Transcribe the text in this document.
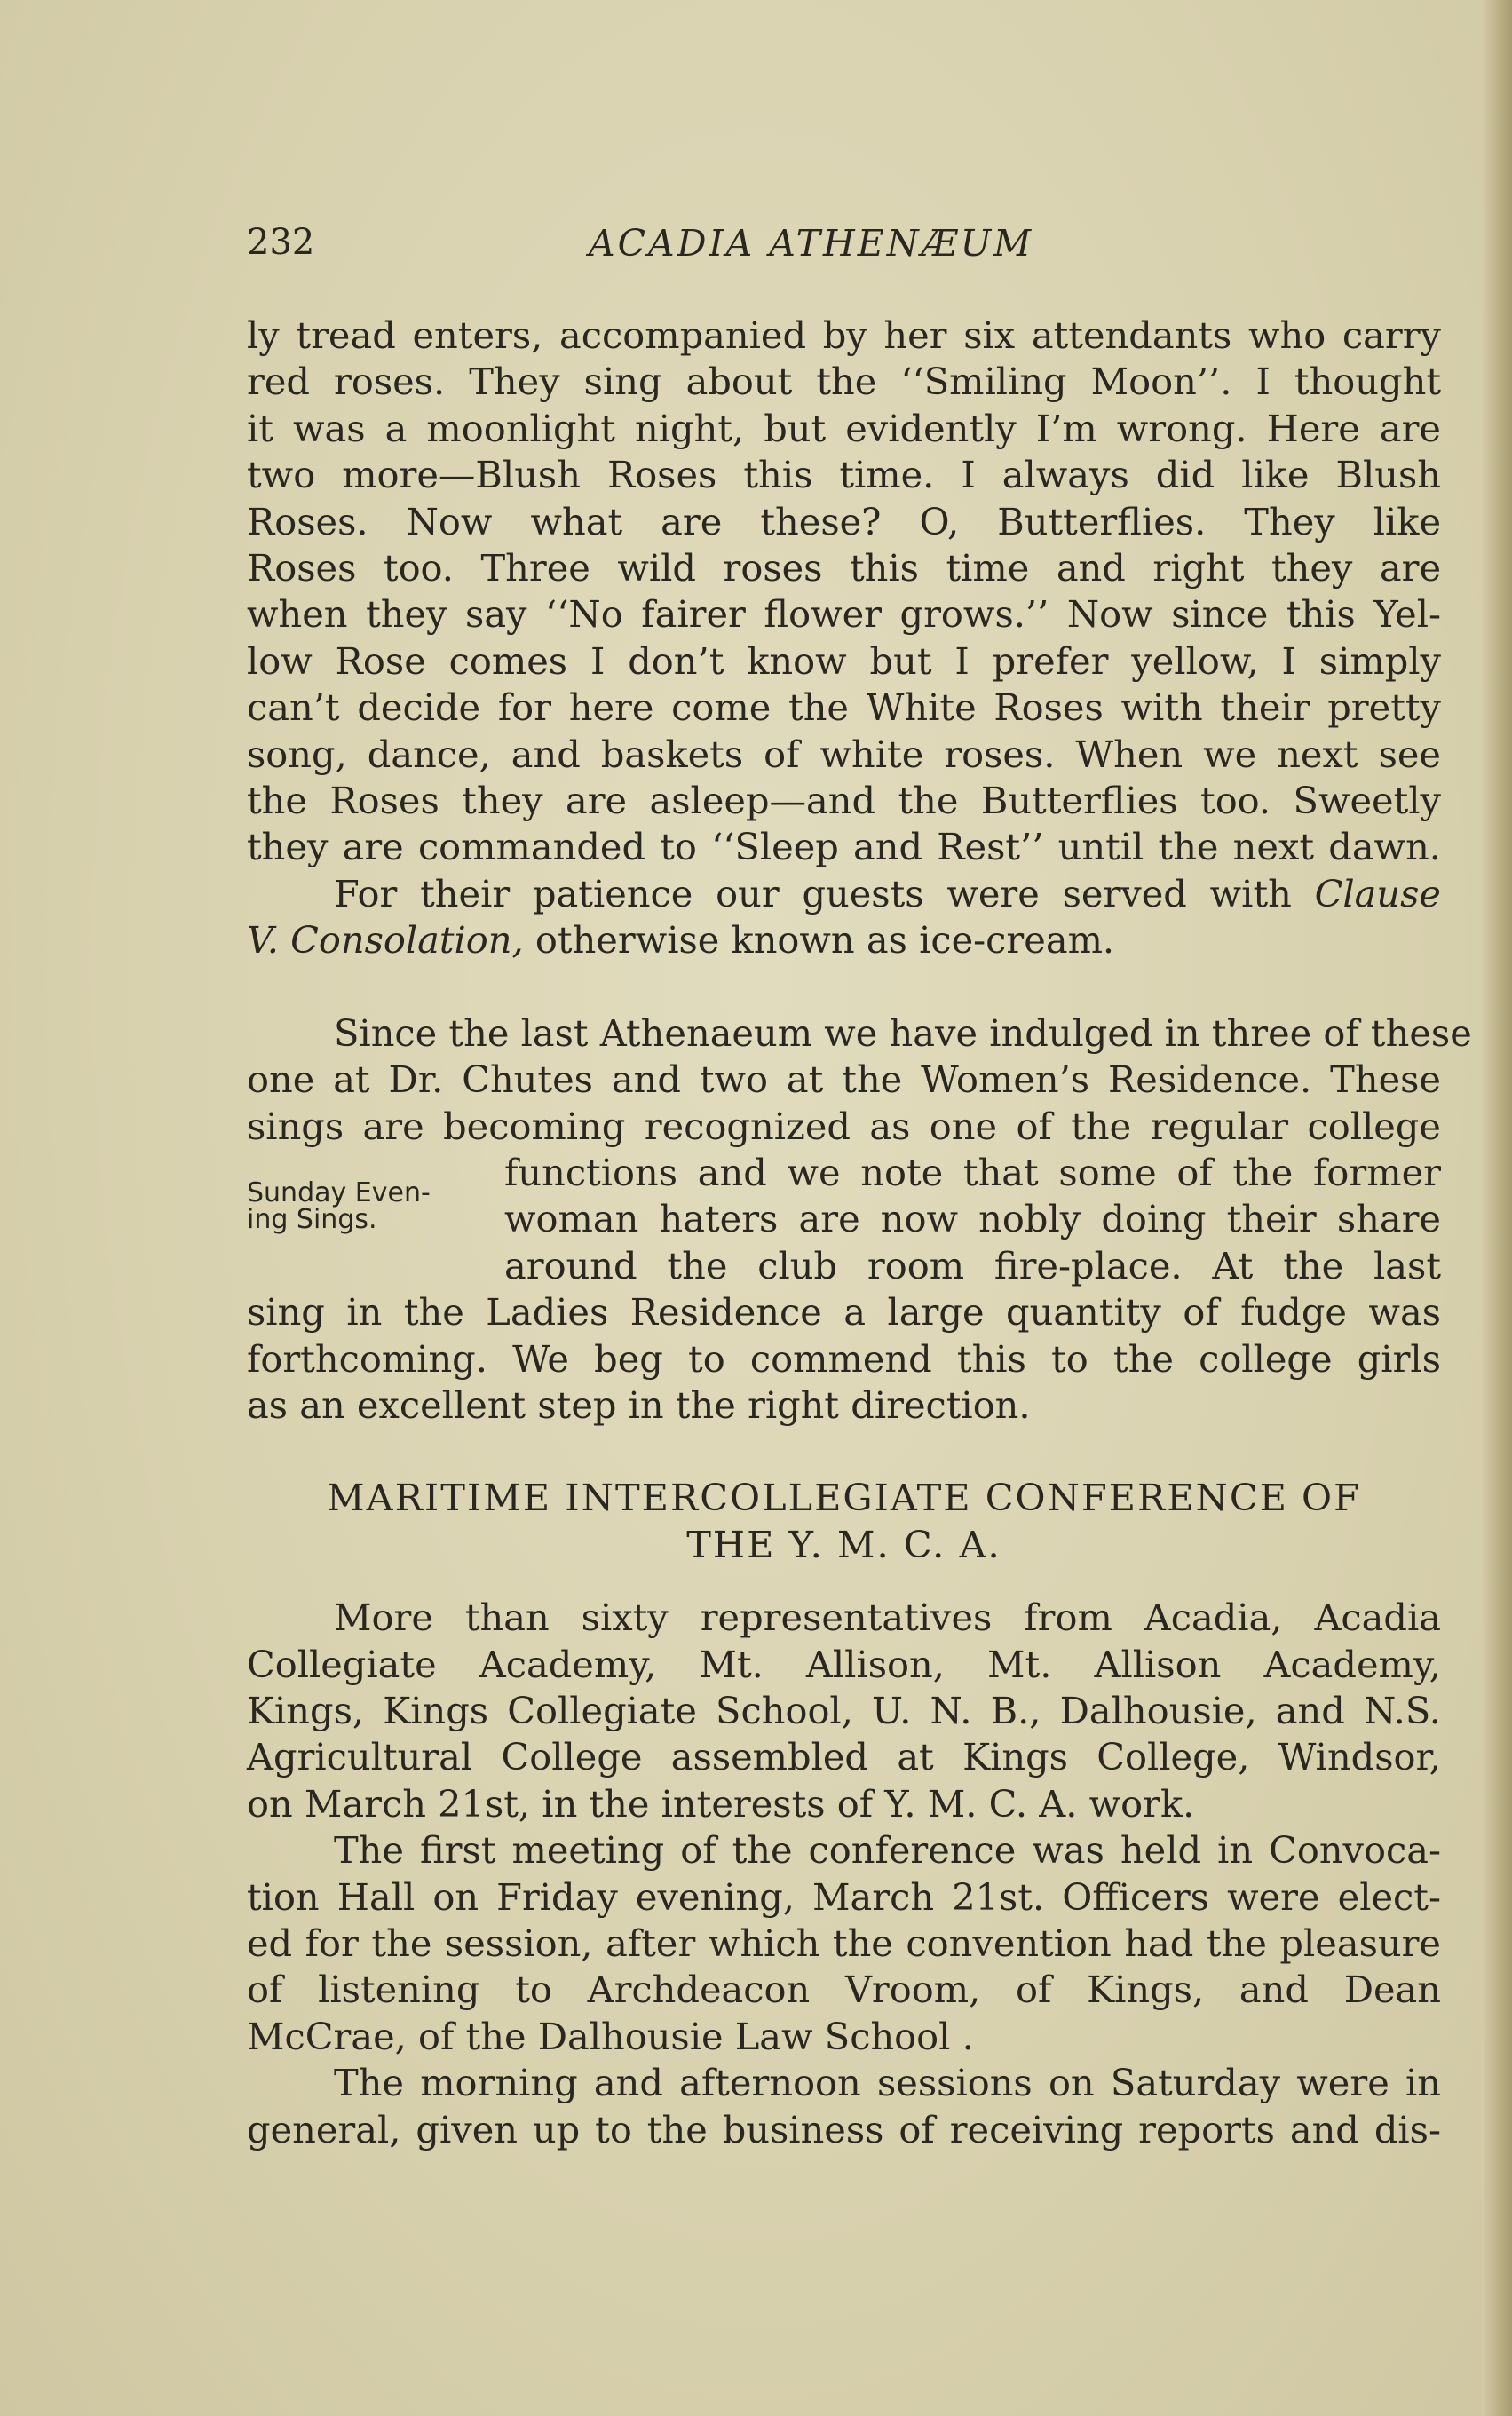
232	ACADIA ATHENÆUM

ly tread enters, accompanied by her six attendants who carry
red roses. They sing about the ‘‘Smiling Moon’’. I thought
it was a moonlight night, but evidently I’m wrong. Here are
two more—Blush Roses this time. I always did like Blush
Roses. Now what are these? O, Butterflies. They like
Roses too. Three wild roses this time and right they are
when they say ‘‘No fairer flower grows.’’ Now since this Yel-
low Rose comes I don’t know but I prefer yellow, I simply
can’t decide for here come the White Roses with their pretty
song, dance, and baskets of white roses. When we next see
the Roses they are asleep—and the Butterflies too. Sweetly
they are commanded to ‘‘Sleep and Rest’’ until the next dawn.

For their patience our guests were served with Clause
V. Consolation, otherwise known as ice-cream.

Since the last Athenaeum we have indulged in three of these
one at Dr. Chutes and two at the Women’s Residence. These
sings are becoming recognized as one of the regular college

functions and we note that some of the former
woman haters are now nobly doing their share
around the club room fire-place. At the last
Sunday Even-
ing Sings.

sing in the Ladies Residence a large quantity of fudge was
forthcoming. We beg to commend this to the college girls
as an excellent step in the right direction.

MARITIME INTERCOLLEGIATE CONFERENCE OF
THE Y. M. C. A.

More than sixty representatives from Acadia, Acadia
Collegiate Academy, Mt. Allison, Mt. Allison Academy,
Kings, Kings Collegiate School, U. N. B., Dalhousie, and N.S.
Agricultural College assembled at Kings College, Windsor,
on March 21st, in the interests of Y. M. C. A. work.

The first meeting of the conference was held in Convoca-
tion Hall on Friday evening, March 21st. Officers were elect-
ed for the session, after which the convention had the pleasure
of listening to Archdeacon Vroom, of Kings, and Dean
McCrae, of the Dalhousie Law School .

The morning and afternoon sessions on Saturday were in
general, given up to the business of receiving reports and dis-
